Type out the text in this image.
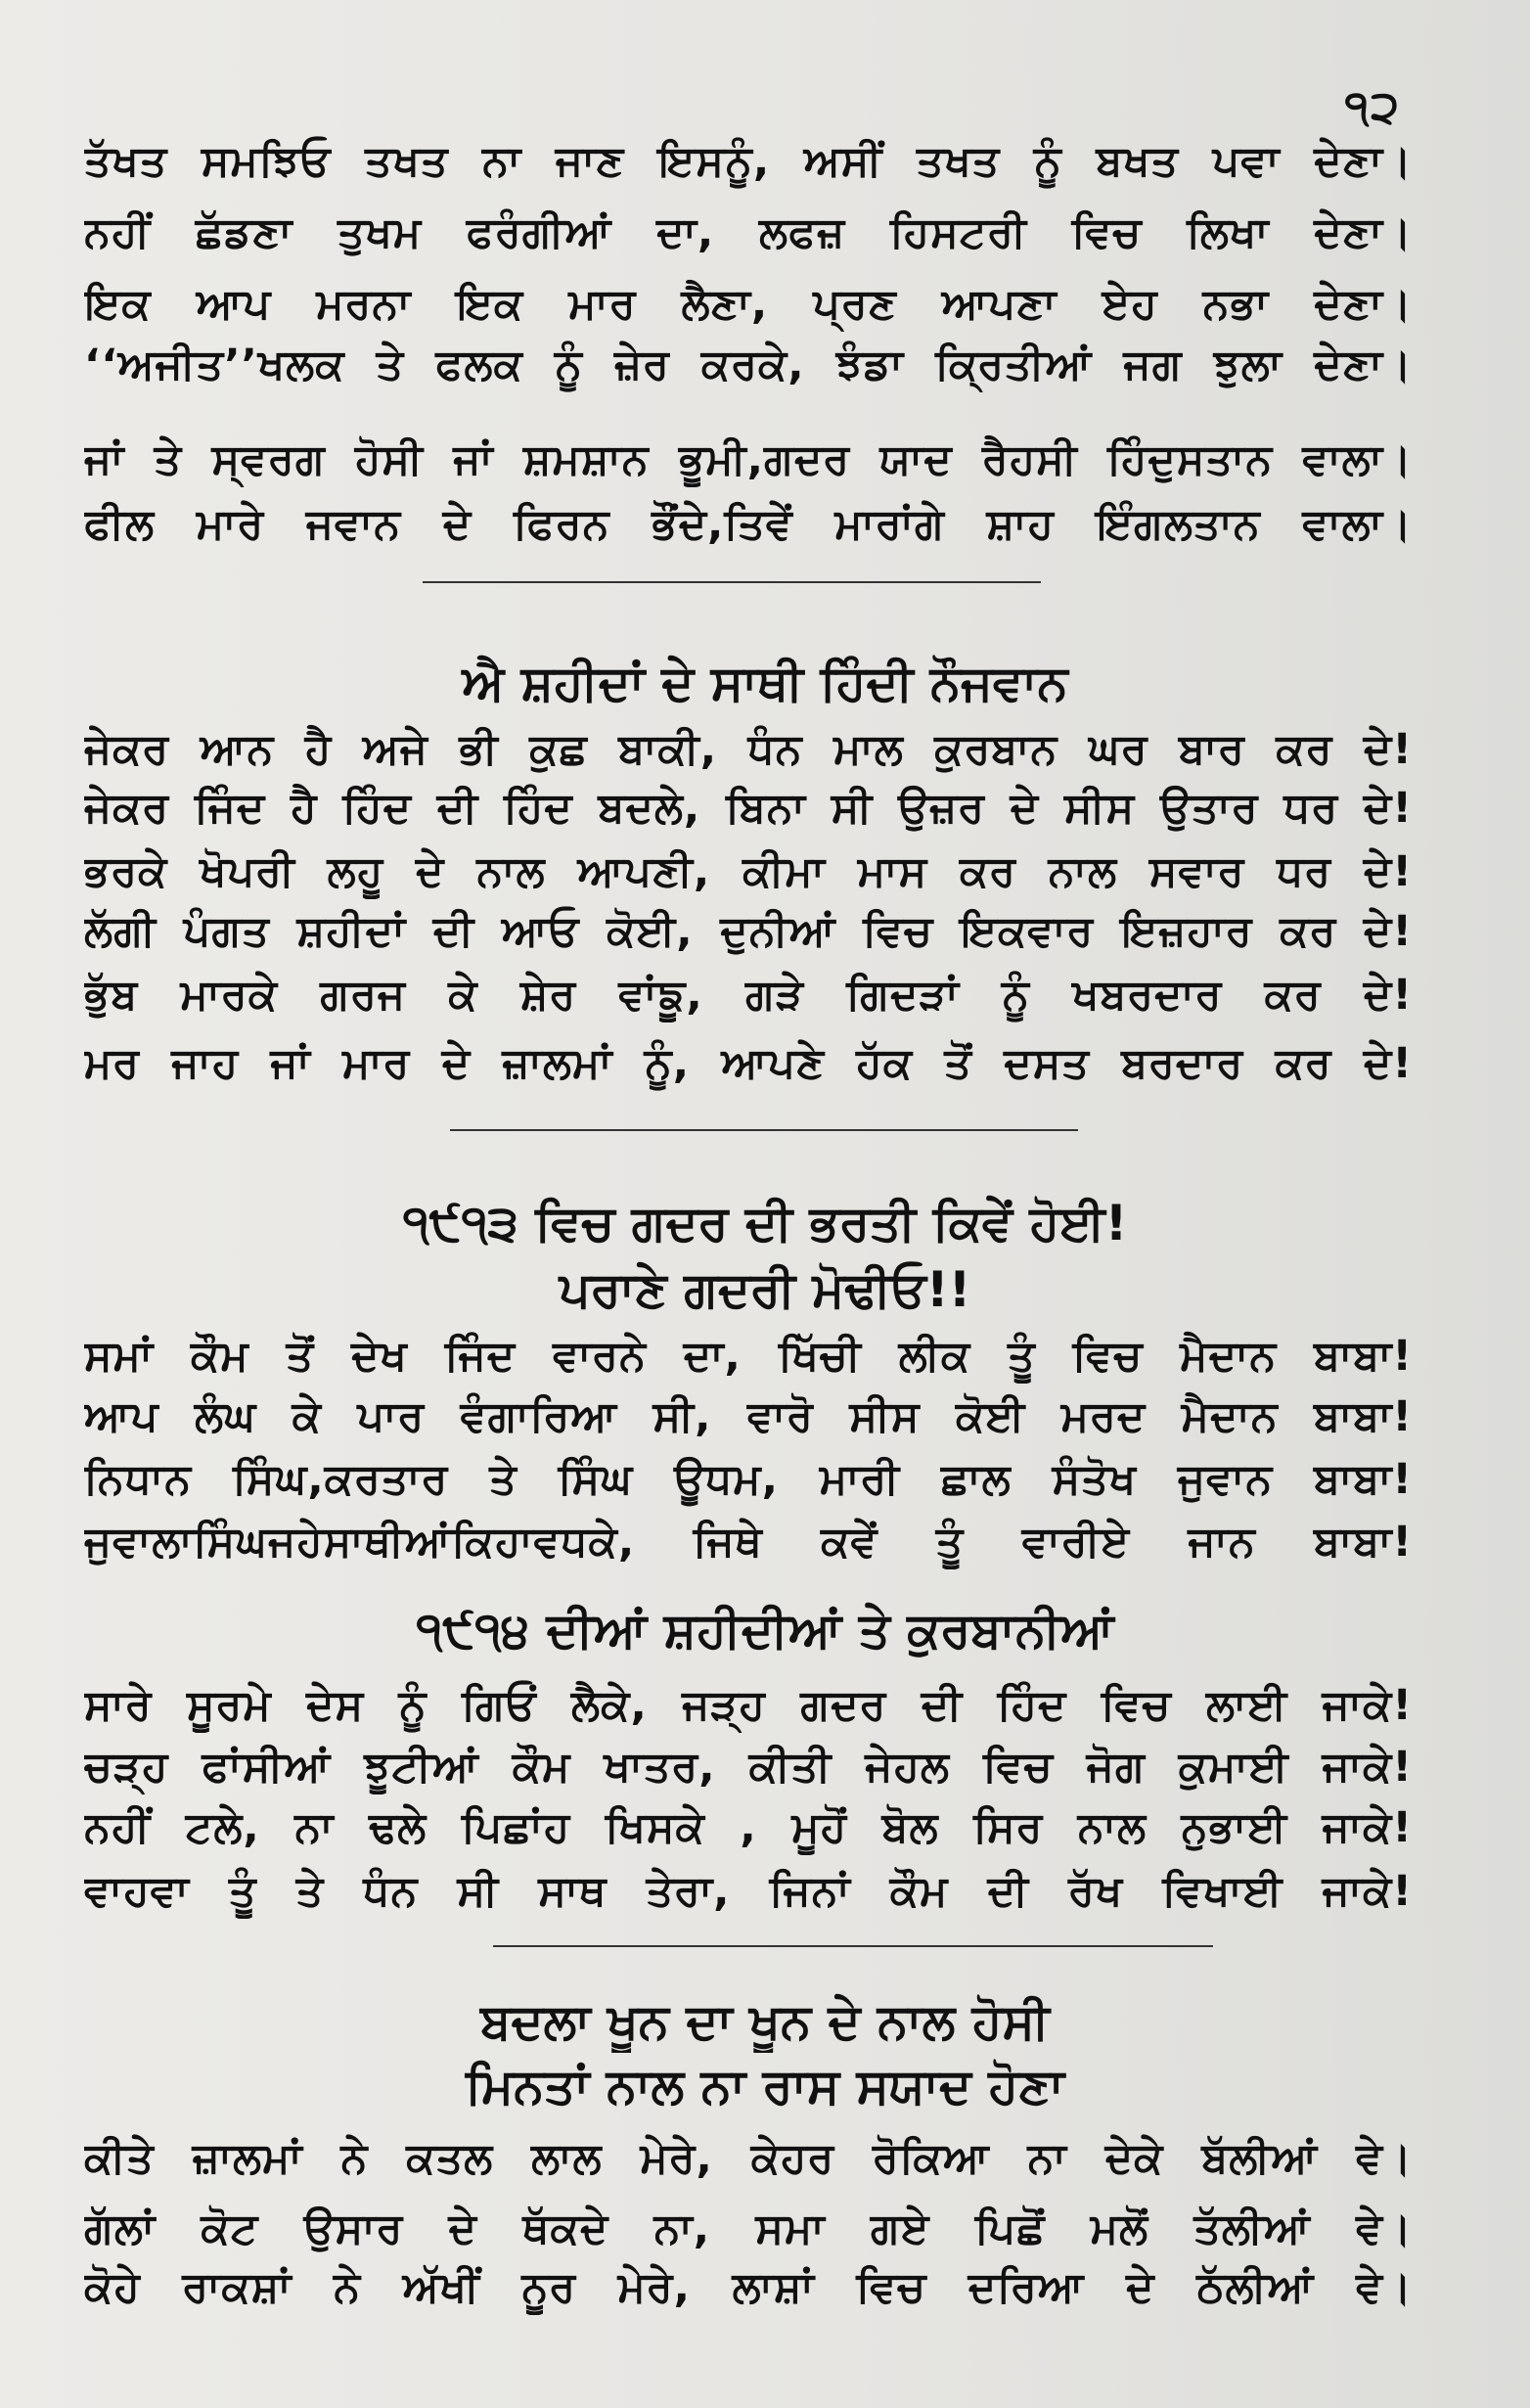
੧੨
ਤੱਖਤ ਸਮਝਿਓ ਤਖਤ ਨਾ ਜਾਣ ਇਸਨੂੰ, ਅਸੀਂ ਤਖਤ ਨੂੰ ਬਖਤ ਪਵਾ ਦੇਣਾ।
ਨਹੀਂ ਛੱਡਣਾ ਤੁਖਮ ਫਰੰਗੀਆਂ ਦਾ, ਲਫਜ਼ ਹਿਸਟਰੀ ਵਿਚ ਲਿਖਾ ਦੇਣਾ।
ਇਕ ਆਪ ਮਰਨਾ ਇਕ ਮਾਰ ਲੈਣਾ, ਪ੍ਰਣ ਆਪਣਾ ਏਹ ਨਭਾ ਦੇਣਾ।
‘‘ਅਜੀਤ’’ਖਲਕ ਤੇ ਫਲਕ ਨੂੰ ਜ਼ੇਰ ਕਰਕੇ, ਝੰਡਾ ਕ੍ਰਿਤੀਆਂ ਜਗ ਝੁਲਾ ਦੇਣਾ।
ਜਾਂ ਤੇ ਸ੍ਵਰਗ ਹੋਸੀ ਜਾਂ ਸ਼ਮਸ਼ਾਨ ਭੂਮੀ,ਗਦਰ ਯਾਦ ਰੈਹਸੀ ਹਿੰਦੁਸਤਾਨ ਵਾਲਾ।
ਫੀਲ ਮਾਰੇ ਜਵਾਨ ਦੇ ਫਿਰਨ ਭੌਂਦੇ,ਤਿਵੇਂ ਮਾਰਾਂਗੇ ਸ਼ਾਹ ਇੰਗਲਤਾਨ ਵਾਲਾ।
ਐ ਸ਼ਹੀਦਾਂ ਦੇ ਸਾਥੀ ਹਿੰਦੀ ਨੌਜਵਾਨ
ਜੇਕਰ ਆਨ ਹੈ ਅਜੇ ਭੀ ਕੁਛ ਬਾਕੀ, ਧੰਨ ਮਾਲ ਕੁਰਬਾਨ ਘਰ ਬਾਰ ਕਰ ਦੇ!
ਜੇਕਰ ਜਿੰਦ ਹੈ ਹਿੰਦ ਦੀ ਹਿੰਦ ਬਦਲੇ, ਬਿਨਾ ਸੀ ਉਜ਼ਰ ਦੇ ਸੀਸ ਉਤਾਰ ਧਰ ਦੇ!
ਭਰਕੇ ਖੋਪਰੀ ਲਹੂ ਦੇ ਨਾਲ ਆਪਣੀ, ਕੀਮਾ ਮਾਸ ਕਰ ਨਾਲ ਸਵਾਰ ਧਰ ਦੇ!
ਲੱਗੀ ਪੰਗਤ ਸ਼ਹੀਦਾਂ ਦੀ ਆਓ ਕੋਈ, ਦੁਨੀਆਂ ਵਿਚ ਇਕਵਾਰ ਇਜ਼ਹਾਰ ਕਰ ਦੇ!
ਭੁੱਬ ਮਾਰਕੇ ਗਰਜ ਕੇ ਸ਼ੇਰ ਵਾਂਙੂ, ਗੜੇ ਗਿਦੜਾਂ ਨੂੰ ਖਬਰਦਾਰ ਕਰ ਦੇ!
ਮਰ ਜਾਹ ਜਾਂ ਮਾਰ ਦੇ ਜ਼ਾਲਮਾਂ ਨੂੰ, ਆਪਣੇ ਹੱਕ ਤੋਂ ਦਸਤ ਬਰਦਾਰ ਕਰ ਦੇ!
੧੯੧੩ ਵਿਚ ਗਦਰ ਦੀ ਭਰਤੀ ਕਿਵੇਂ ਹੋਈ!
ਪਰਾਣੇ ਗਦਰੀ ਮੋਢੀਓ!!
ਸਮਾਂ ਕੌਮ ਤੋਂ ਦੇਖ ਜਿੰਦ ਵਾਰਨੇ ਦਾ, ਖਿੱਚੀ ਲੀਕ ਤੂੰ ਵਿਚ ਮੈਦਾਨ ਬਾਬਾ!
ਆਪ ਲੰਘ ਕੇ ਪਾਰ ਵੰਗਾਰਿਆ ਸੀ, ਵਾਰੋ ਸੀਸ ਕੋਈ ਮਰਦ ਮੈਦਾਨ ਬਾਬਾ!
ਨਿਧਾਨ ਸਿੰਘ,ਕਰਤਾਰ ਤੇ ਸਿੰਘ ਊਧਮ, ਮਾਰੀ ਛਾਲ ਸੰਤੋਖ ਜੁਵਾਨ ਬਾਬਾ!
ਜੁਵਾਲਾਸਿੰਘਜਹੇਸਾਥੀਆਂਕਿਹਾਵਧਕੇ, ਜਿਥੇ ਕਵੇਂ ਤੂੰ ਵਾਰੀਏ ਜਾਨ ਬਾਬਾ!
੧੯੧੪ ਦੀਆਂ ਸ਼ਹੀਦੀਆਂ ਤੇ ਕੁਰਬਾਨੀਆਂ
ਸਾਰੇ ਸੂਰਮੇ ਦੇਸ ਨੂੰ ਗਿਓਂ ਲੈਕੇ, ਜੜ੍ਹ ਗਦਰ ਦੀ ਹਿੰਦ ਵਿਚ ਲਾਈ ਜਾਕੇ!
ਚੜ੍ਹ ਫਾਂਸੀਆਂ ਝੂਟੀਆਂ ਕੌਮ ਖਾਤਰ, ਕੀਤੀ ਜੇਹਲ ਵਿਚ ਜੋਗ ਕੁਮਾਈ ਜਾਕੇ!
ਨਹੀਂ ਟਲੇ, ਨਾ ਢਲੇ ਪਿਛਾਂਹ ਖਿਸਕੇ , ਮੂਹੋਂ ਬੋਲ ਸਿਰ ਨਾਲ ਨੁਭਾਈ ਜਾਕੇ!
ਵਾਹਵਾ ਤੂੰ ਤੇ ਧੰਨ ਸੀ ਸਾਥ ਤੇਰਾ, ਜਿਨਾਂ ਕੌਮ ਦੀ ਰੱਖ ਵਿਖਾਈ ਜਾਕੇ!
ਬਦਲਾ ਖੂਨ ਦਾ ਖੂਨ ਦੇ ਨਾਲ ਹੋਸੀ
ਮਿਨਤਾਂ ਨਾਲ ਨਾ ਰਾਸ ਸਯਾਦ ਹੋਣਾ
ਕੀਤੇ ਜ਼ਾਲਮਾਂ ਨੇ ਕਤਲ ਲਾਲ ਮੇਰੇ, ਕੇਹਰ ਰੋਕਿਆ ਨਾ ਦੇਕੇ ਬੱਲੀਆਂ ਵੇ।
ਗੱਲਾਂ ਕੋਟ ਉਸਾਰ ਦੇ ਥੱਕਦੇ ਨਾ, ਸਮਾ ਗਏ ਪਿਛੋਂ ਮਲੋਂ ਤੱਲੀਆਂ ਵੇ।
ਕੋਹੇ ਰਾਕਸ਼ਾਂ ਨੇ ਅੱਖੀਂ ਨੂਰ ਮੇਰੇ, ਲਾਸ਼ਾਂ ਵਿਚ ਦਰਿਆ ਦੇ ਠੱਲੀਆਂ ਵੇ।
